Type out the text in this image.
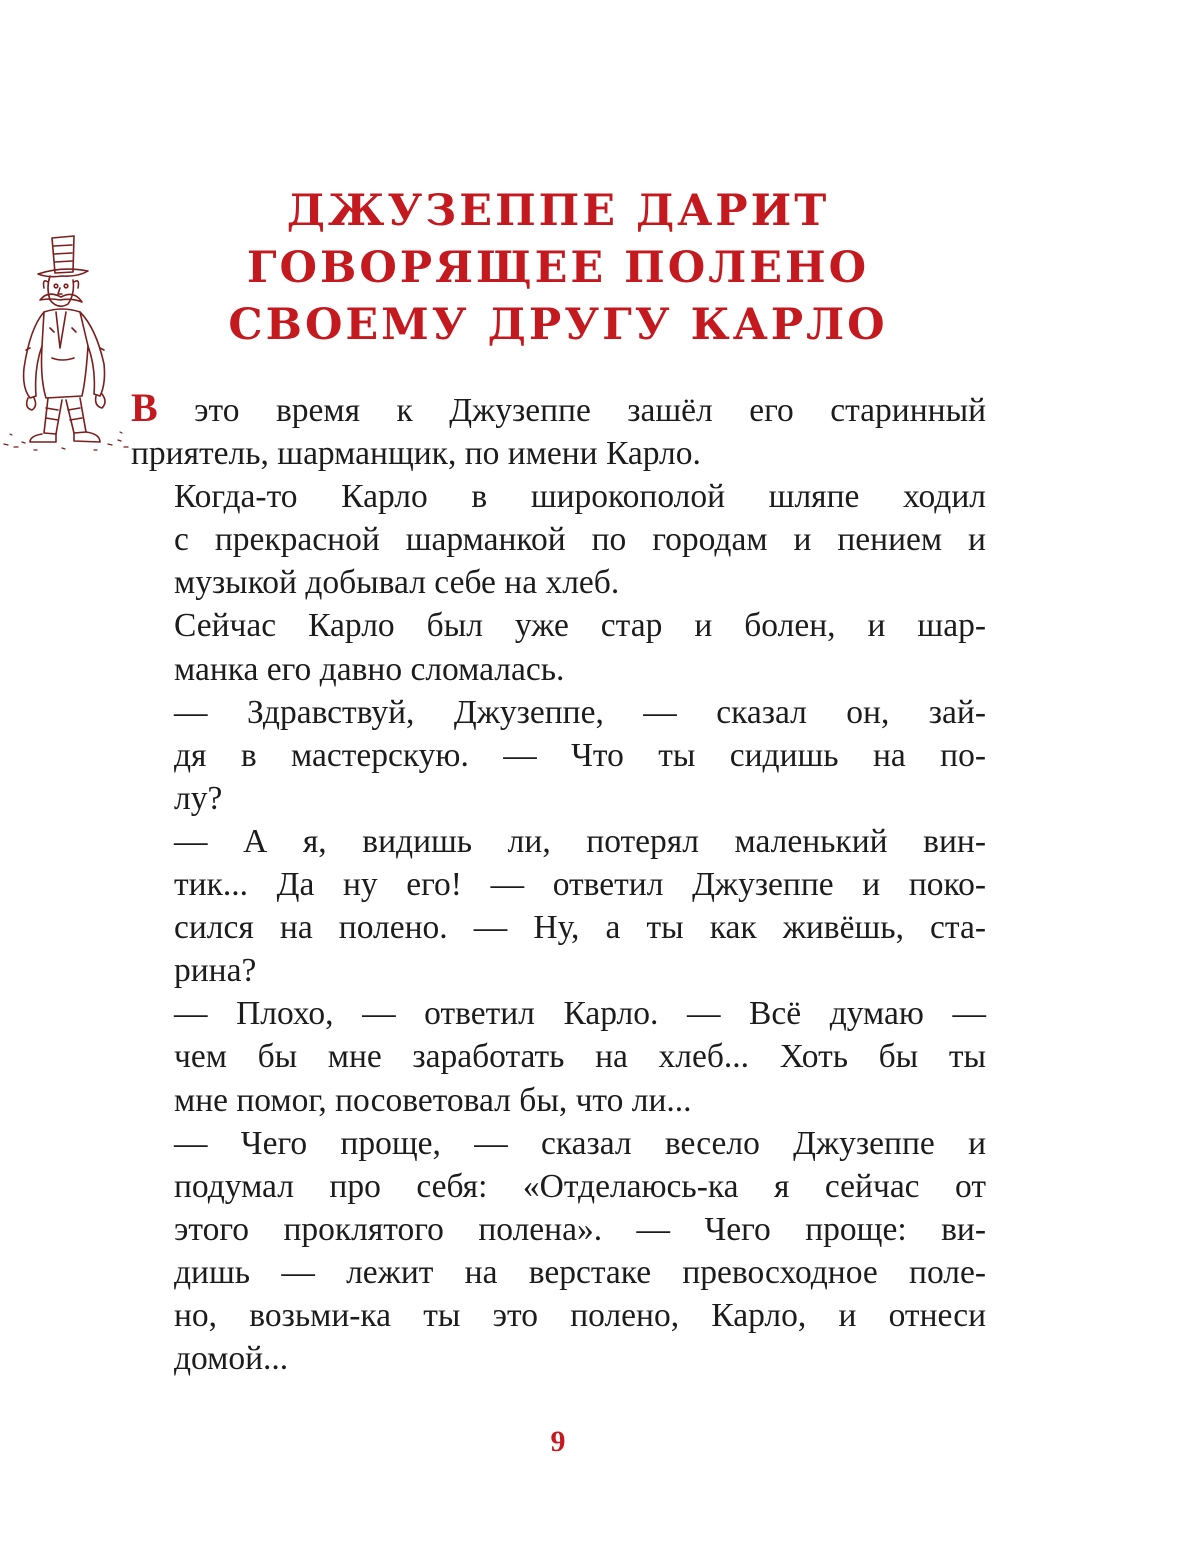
ДЖУЗЕППЕ ДАРИТ
ГОВОРЯЩЕЕ ПОЛЕНО
СВОЕМУ ДРУГУ КАРЛО

В это время к Джузеппе зашёл его старинный
приятель, шарманщик, по имени Карло.

Когда-то Карло в широкополой шляпе ходил
с прекрасной шарманкой по городам и пением и
музыкой добывал себе на хлеб.

Сейчас Карло был уже стар и болен, и шар-
манка его давно сломалась.

— Здравствуй, Джузеппе, — сказал он, зай-
дя в мастерскую. — Что ты сидишь на по-
лу?

— А я, видишь ли, потерял маленький вин-
тик... Да ну его! — ответил Джузеппе и поко-
сился на полено. — Ну, а ты как живёшь, ста-
рина?

— Плохо, — ответил Карло. — Всё думаю —
чем бы мне заработать на хлеб... Хоть бы ты
мне помог, посоветовал бы, что ли...

— Чего проще, — сказал весело Джузеппе и
подумал про себя: «Отделаюсь-ка я сейчас от
этого проклятого полена». — Чего проще: ви-
дишь — лежит на верстаке превосходное поле-
но, возьми-ка ты это полено, Карло, и отнеси
домой...

9
